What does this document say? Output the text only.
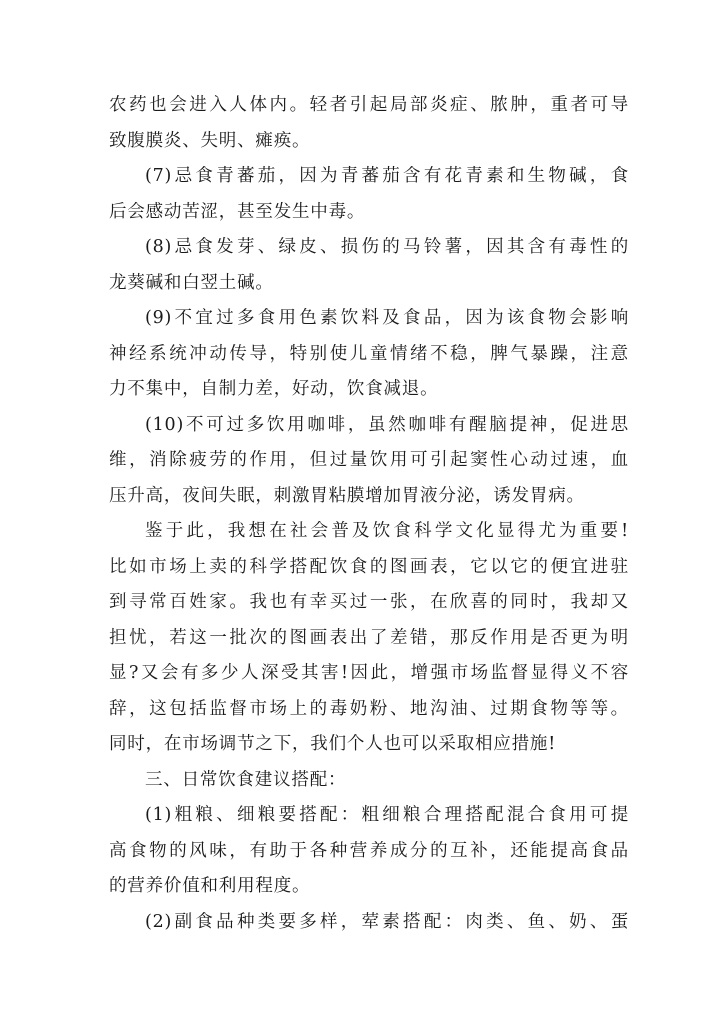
农药也会进入人体内。轻者引起局部炎症、脓肿，重者可导
致腹膜炎、失明、瘫痪。
(7)忌食青蕃茄，因为青蕃茄含有花青素和生物碱，食
后会感动苦涩，甚至发生中毒。
(8)忌食发芽、绿皮、损伤的马铃薯，因其含有毒性的
龙葵碱和白翌土碱。
(9)不宜过多食用色素饮料及食品，因为该食物会影响
神经系统冲动传导，特别使儿童情绪不稳，脾气暴躁，注意
力不集中，自制力差，好动，饮食减退。
(10)不可过多饮用咖啡，虽然咖啡有醒脑提神，促进思
维，消除疲劳的作用，但过量饮用可引起窦性心动过速，血
压升高，夜间失眠，刺激胃粘膜增加胃液分泌，诱发胃病。
鉴于此，我想在社会普及饮食科学文化显得尤为重要!
比如市场上卖的科学搭配饮食的图画表，它以它的便宜进驻
到寻常百姓家。我也有幸买过一张，在欣喜的同时，我却又
担忧，若这一批次的图画表出了差错，那反作用是否更为明
显?又会有多少人深受其害!因此，增强市场监督显得义不容
辞，这包括监督市场上的毒奶粉、地沟油、过期食物等等。
同时，在市场调节之下，我们个人也可以采取相应措施!
三、日常饮食建议搭配：
(1)粗粮、细粮要搭配：粗细粮合理搭配混合食用可提
高食物的风味，有助于各种营养成分的互补，还能提高食品
的营养价值和利用程度。
(2)副食品种类要多样，荤素搭配：肉类、鱼、奶、蛋
